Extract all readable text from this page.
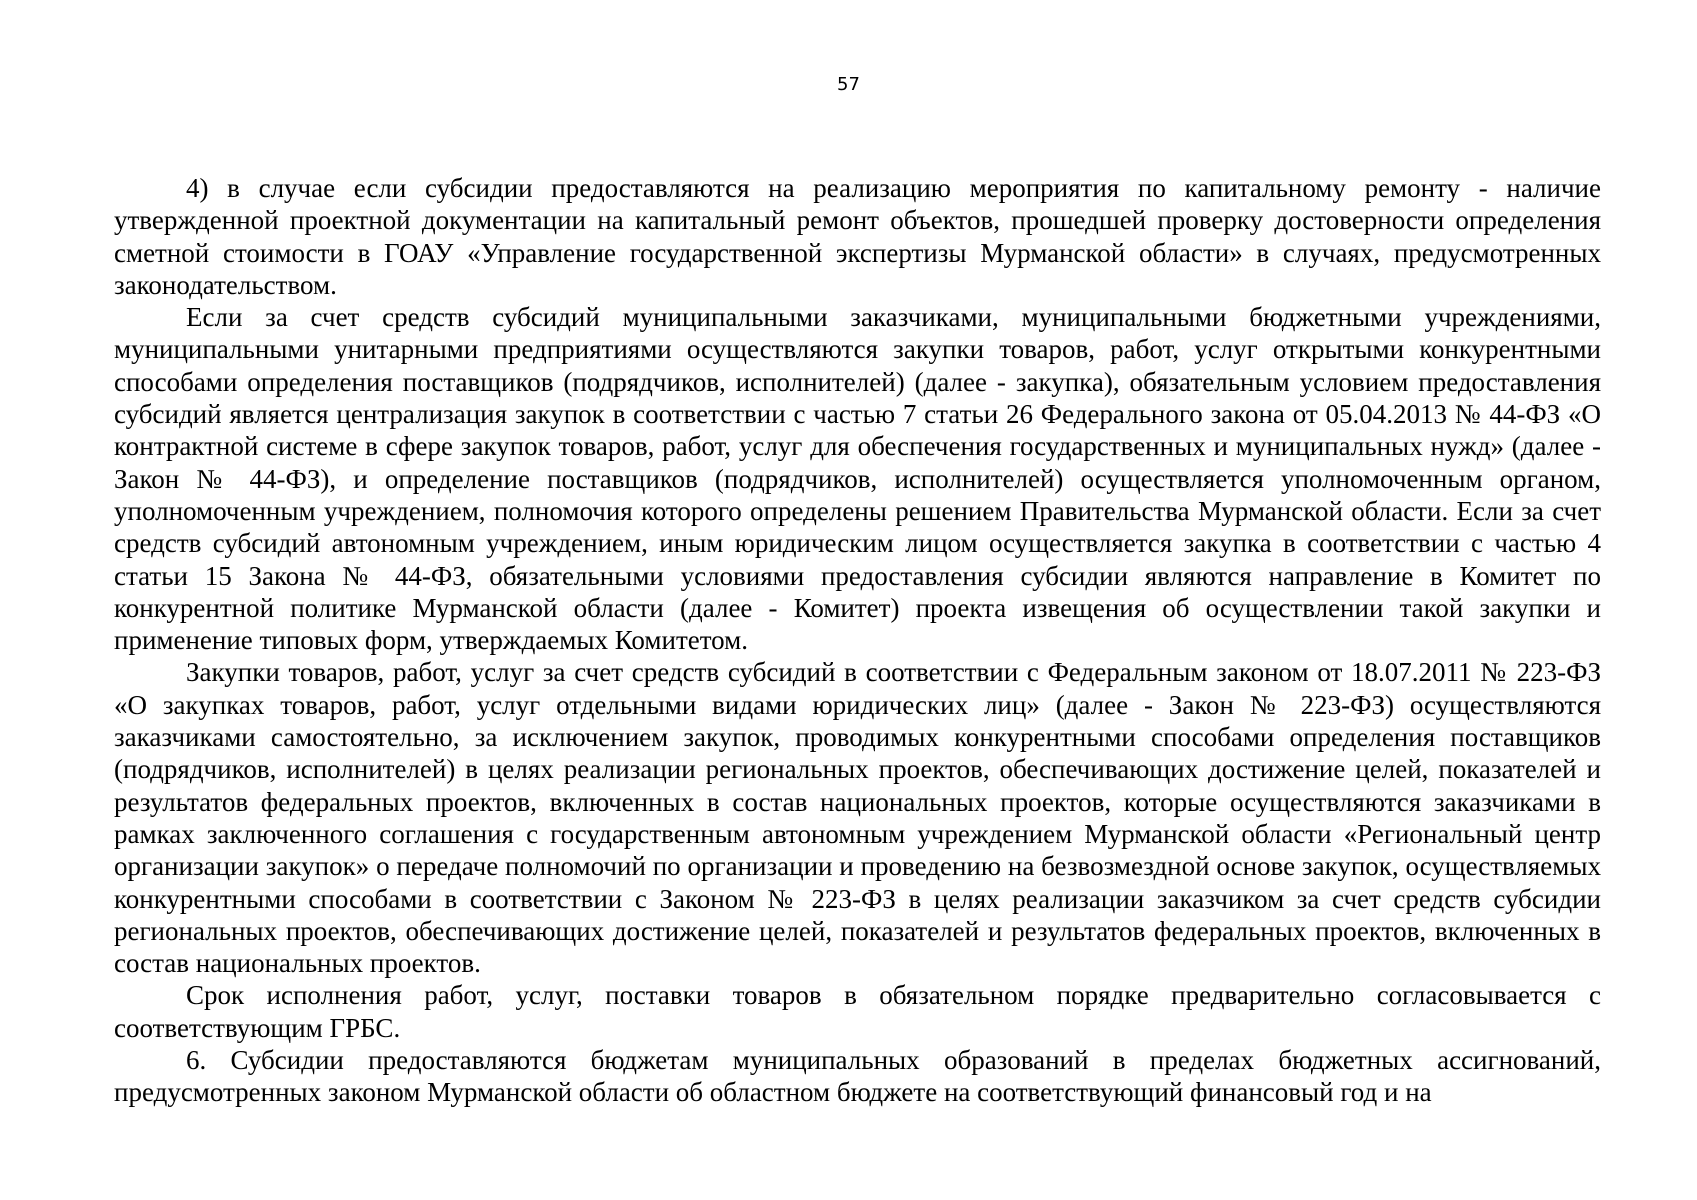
57

4) в случае если субсидии предоставляются на реализацию мероприятия по капитальному ремонту - наличие утвержденной проектной документации на капитальный ремонт объектов, прошедшей проверку достоверности определения сметной стоимости в ГОАУ «Управление государственной экспертизы Мурманской области» в случаях, предусмотренных законодательством.

Если за счет средств субсидий муниципальными заказчиками, муниципальными бюджетными учреждениями, муниципальными унитарными предприятиями осуществляются закупки товаров, работ, услуг открытыми конкурентными способами определения поставщиков (подрядчиков, исполнителей) (далее - закупка), обязательным условием предоставления субсидий является централизация закупок в соответствии с частью 7 статьи 26 Федерального закона от 05.04.2013 № 44-ФЗ «О контрактной системе в сфере закупок товаров, работ, услуг для обеспечения государственных и муниципальных нужд» (далее - Закон № 44-ФЗ), и определение поставщиков (подрядчиков, исполнителей) осуществляется уполномоченным органом, уполномоченным учреждением, полномочия которого определены решением Правительства Мурманской области. Если за счет средств субсидий автономным учреждением, иным юридическим лицом осуществляется закупка в соответствии с частью 4 статьи 15 Закона № 44-ФЗ, обязательными условиями предоставления субсидии являются направление в Комитет по конкурентной политике Мурманской области (далее - Комитет) проекта извещения об осуществлении такой закупки и применение типовых форм, утверждаемых Комитетом.

Закупки товаров, работ, услуг за счет средств субсидий в соответствии с Федеральным законом от 18.07.2011 № 223-ФЗ «О закупках товаров, работ, услуг отдельными видами юридических лиц» (далее - Закон № 223-ФЗ) осуществляются заказчиками самостоятельно, за исключением закупок, проводимых конкурентными способами определения поставщиков (подрядчиков, исполнителей) в целях реализации региональных проектов, обеспечивающих достижение целей, показателей и результатов федеральных проектов, включенных в состав национальных проектов, которые осуществляются заказчиками в рамках заключенного соглашения с государственным автономным учреждением Мурманской области «Региональный центр организации закупок» о передаче полномочий по организации и проведению на безвозмездной основе закупок, осуществляемых конкурентными способами в соответствии с Законом № 223-ФЗ в целях реализации заказчиком за счет средств субсидии региональных проектов, обеспечивающих достижение целей, показателей и результатов федеральных проектов, включенных в состав национальных проектов.

Срок исполнения работ, услуг, поставки товаров в обязательном порядке предварительно согласовывается с соответствующим ГРБС.

6. Субсидии предоставляются бюджетам муниципальных образований в пределах бюджетных ассигнований, предусмотренных законом Мурманской области об областном бюджете на соответствующий финансовый год и на
